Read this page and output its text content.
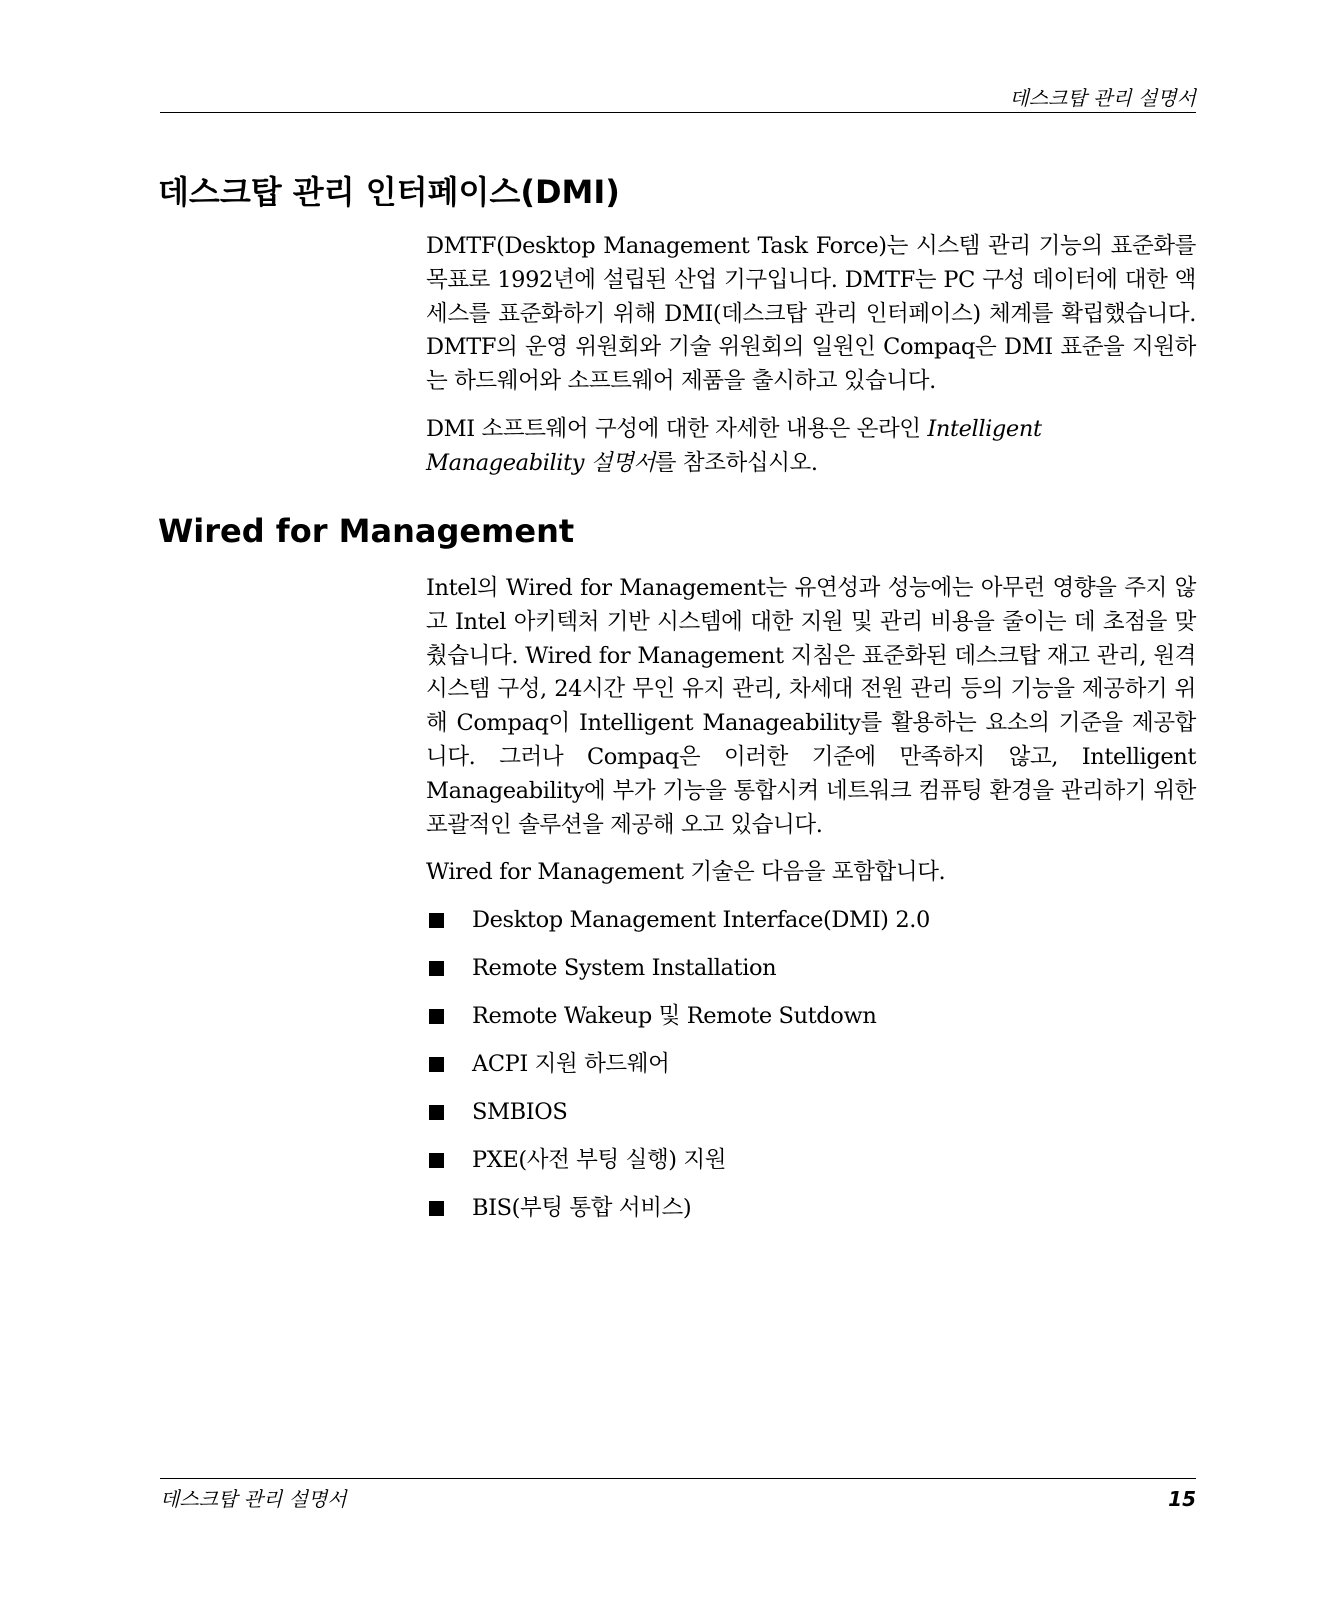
데스크탑 관리 설명서
데스크탑 관리 인터페이스(DMI)

DMTF(Desktop Management Task Force)는 시스템 관리 기능의 표준화를 목표로 1992년에 설립된 산업 기구입니다. DMTF는 PC 구성 데이터에 대한 액세스를 표준화하기 위해 DMI(데스크탑 관리 인터페이스) 체계를 확립했습니다. DMTF의 운영 위원회와 기술 위원회의 일원인 Compaq은 DMI 표준을 지원하는 하드웨어와 소프트웨어 제품을 출시하고 있습니다.

DMI 소프트웨어 구성에 대한 자세한 내용은 온라인 Intelligent Manageability 설명서를 참조하십시오.

Wired for Management

Intel의 Wired for Management는 유연성과 성능에는 아무런 영향을 주지 않고 Intel 아키텍처 기반 시스템에 대한 지원 및 관리 비용을 줄이는 데 초점을 맞췄습니다. Wired for Management 지침은 표준화된 데스크탑 재고 관리, 원격 시스템 구성, 24시간 무인 유지 관리, 차세대 전원 관리 등의 기능을 제공하기 위해 Compaq이 Intelligent Manageability를 활용하는 요소의 기준을 제공합니다. 그러나 Compaq은 이러한 기준에 만족하지 않고, Intelligent Manageability에 부가 기능을 통합시켜 네트워크 컴퓨팅 환경을 관리하기 위한 포괄적인 솔루션을 제공해 오고 있습니다.

Wired for Management 기술은 다음을 포함합니다.

Desktop Management Interface(DMI) 2.0
Remote System Installation
Remote Wakeup 및 Remote Sutdown
ACPI 지원 하드웨어
SMBIOS
PXE(사전 부팅 실행) 지원
BIS(부팅 통합 서비스)
데스크탑 관리 설명서	15
